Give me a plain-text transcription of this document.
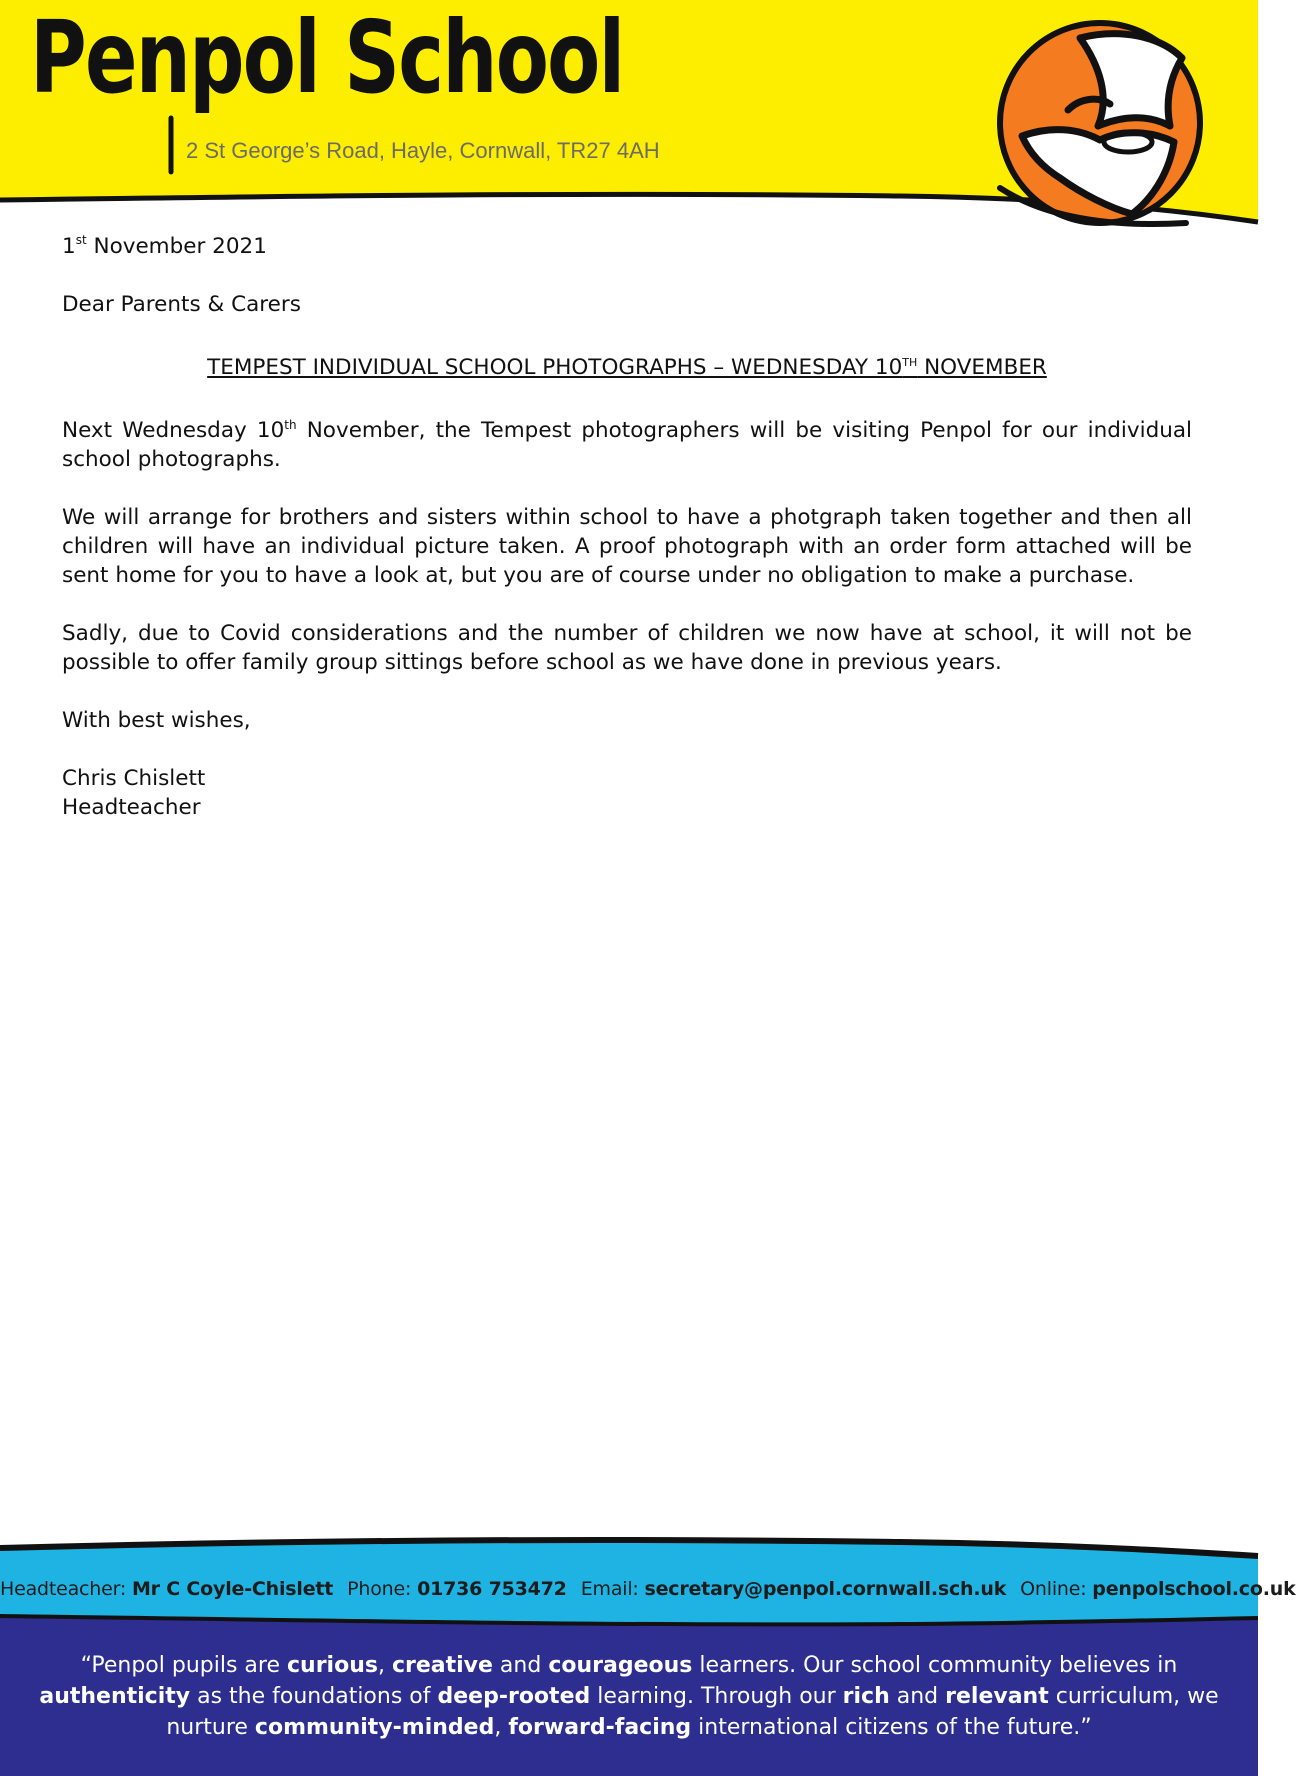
Penpol School
2 St George’s Road, Hayle, Cornwall, TR27 4AH

1st November 2021

Dear Parents & Carers

TEMPEST INDIVIDUAL SCHOOL PHOTOGRAPHS – WEDNESDAY 10TH NOVEMBER

Next Wednesday 10th November, the Tempest photographers will be visiting Penpol for our individual school photographs.

We will arrange for brothers and sisters within school to have a photgraph taken together and then all children will have an individual picture taken. A proof photograph with an order form attached will be sent home for you to have a look at, but you are of course under no obligation to make a purchase.

Sadly, due to Covid considerations and the number of children we now have at school, it will not be possible to offer family group sittings before school as we have done in previous years.

With best wishes,

Chris Chislett
Headteacher

Headteacher: Mr C Coyle-Chislett Phone: 01736 753472 Email: secretary@penpol.cornwall.sch.uk Online: penpolschool.co.uk
“Penpol pupils are curious, creative and courageous learners. Our school community believes in authenticity as the foundations of deep-rooted learning. Through our rich and relevant curriculum, we nurture community-minded, forward-facing international citizens of the future.”
